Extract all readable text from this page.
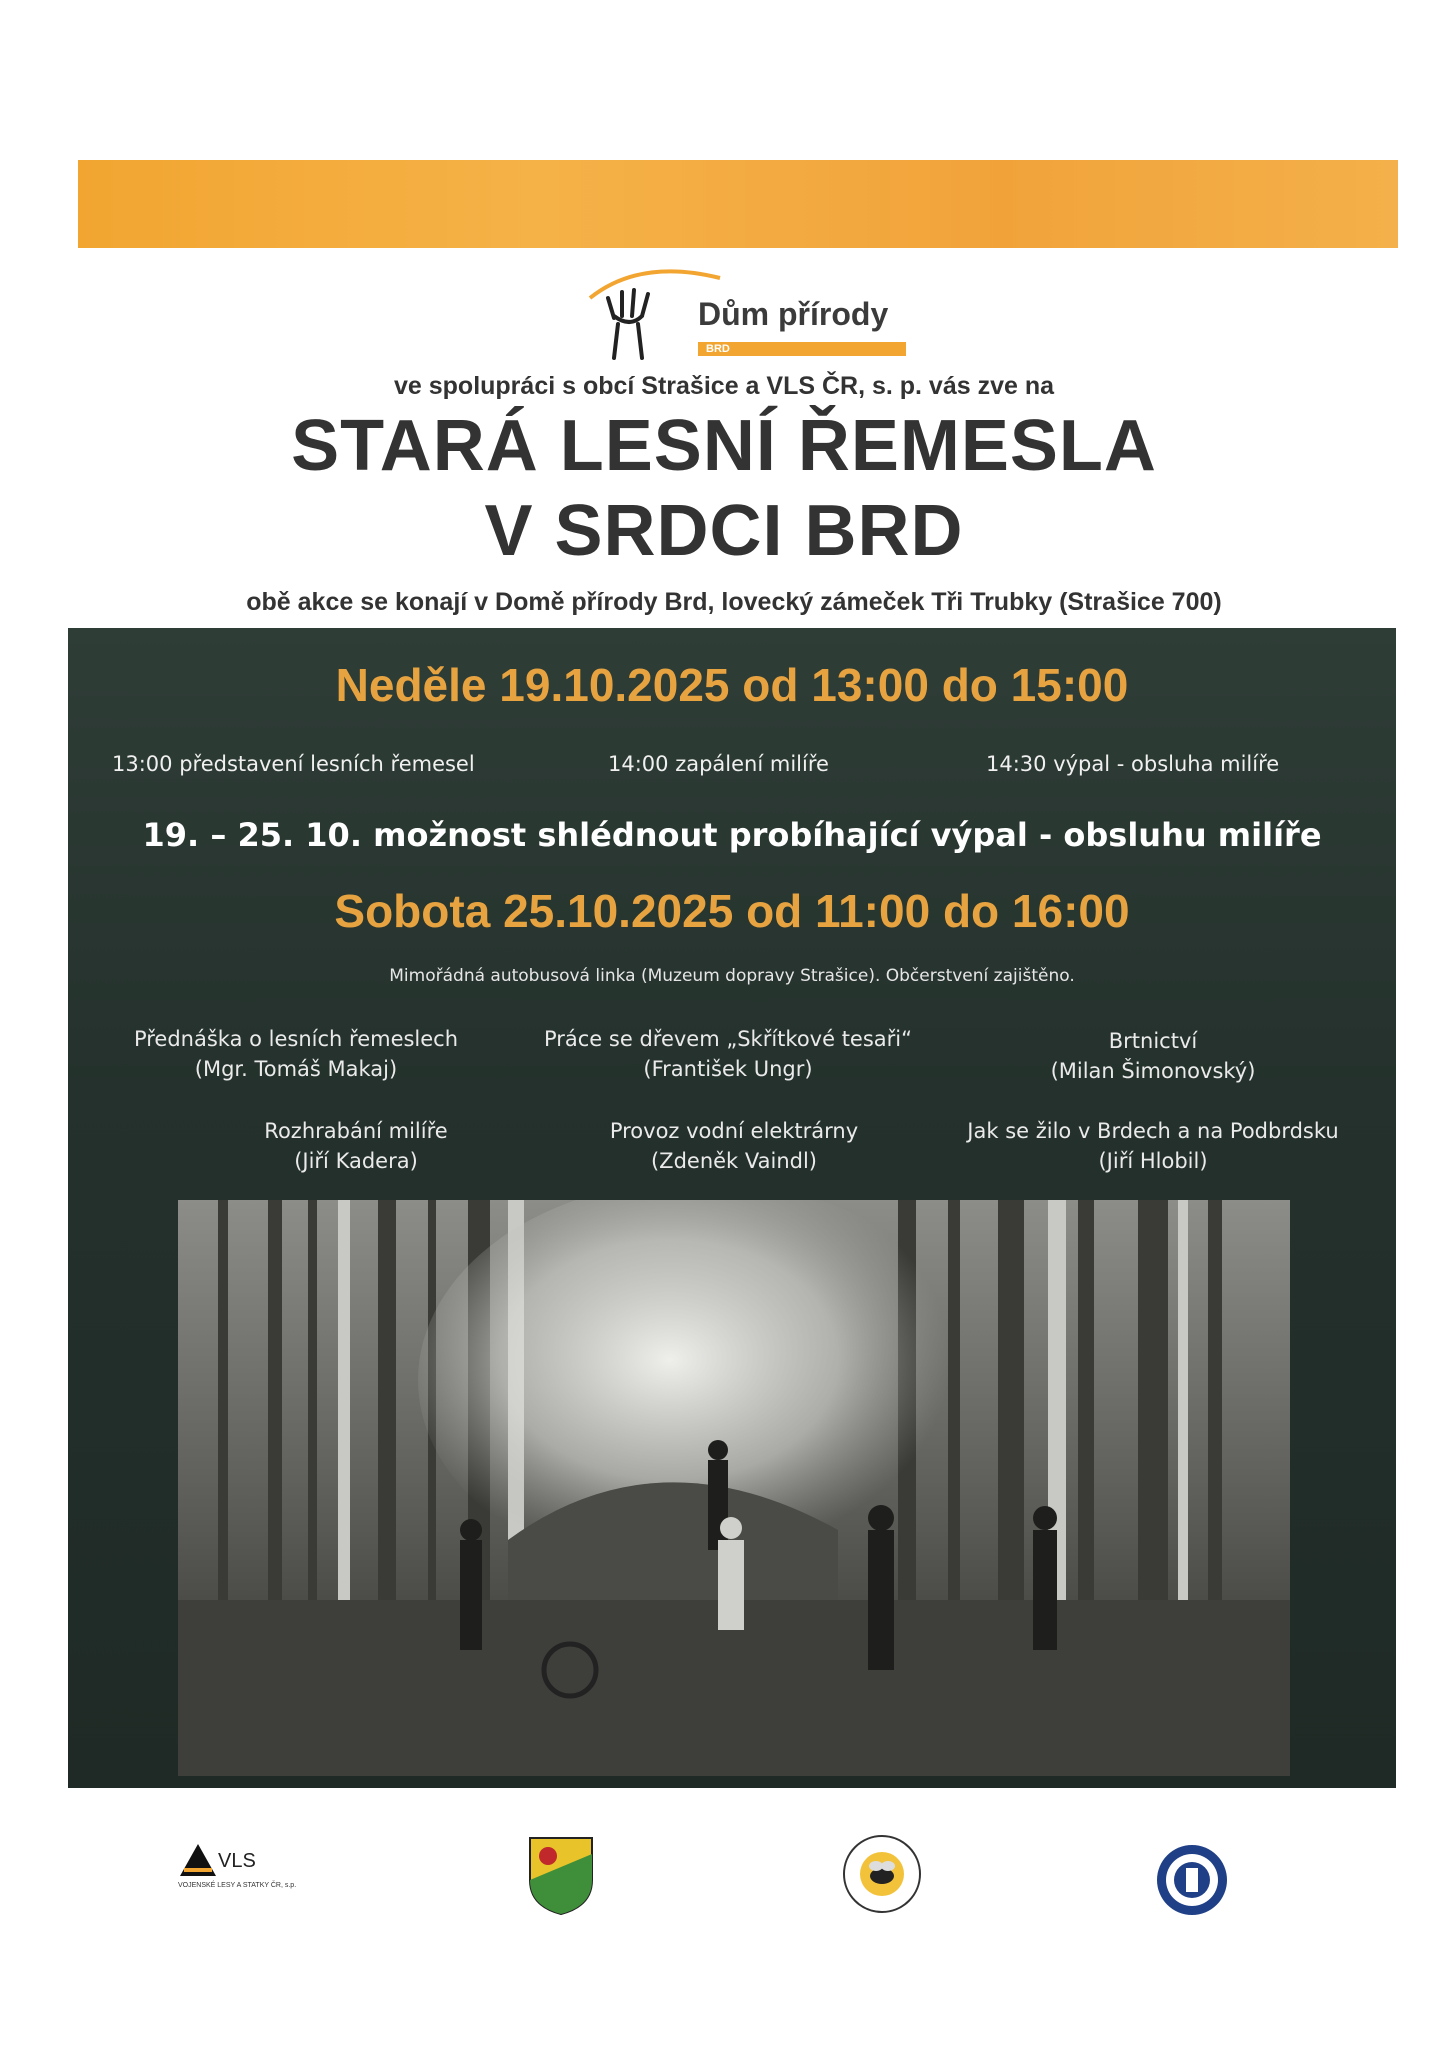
Dům přírody
BRD
ve spolupráci s obcí Strašice a VLS ČR, s. p. vás zve na
STARÁ LESNÍ ŘEMESLA
V SRDCI BRD
obě akce se konají v Domě přírody Brd, lovecký zámeček Tři Trubky (Strašice 700)
Neděle 19.10.2025 od 13:00 do 15:00
13:00 představení lesních řemesel	14:00 zapálení milíře	14:30 výpal - obsluha milíře
19. – 25. 10. možnost shlédnout probíhající výpal - obsluhu milíře
Sobota 25.10.2025 od 11:00 do 16:00
Mimořádná autobusová linka (Muzeum dopravy Strašice). Občerstvení zajištěno.
Přednáška o lesních řemeslech
(Mgr. Tomáš Makaj)
Práce se dřevem „Skřítkové tesaři“
(František Ungr)
Brtnictví
(Milan Šimonovský)
Rozhrabání milíře
(Jiří Kadera)
Provoz vodní elektrárny
(Zdeněk Vaindl)
Jak se žilo v Brdech a na Podbrdsku
(Jiří Hlobil)
VLS
VOJENSKÉ LESY A STATKY ČR, s.p.
